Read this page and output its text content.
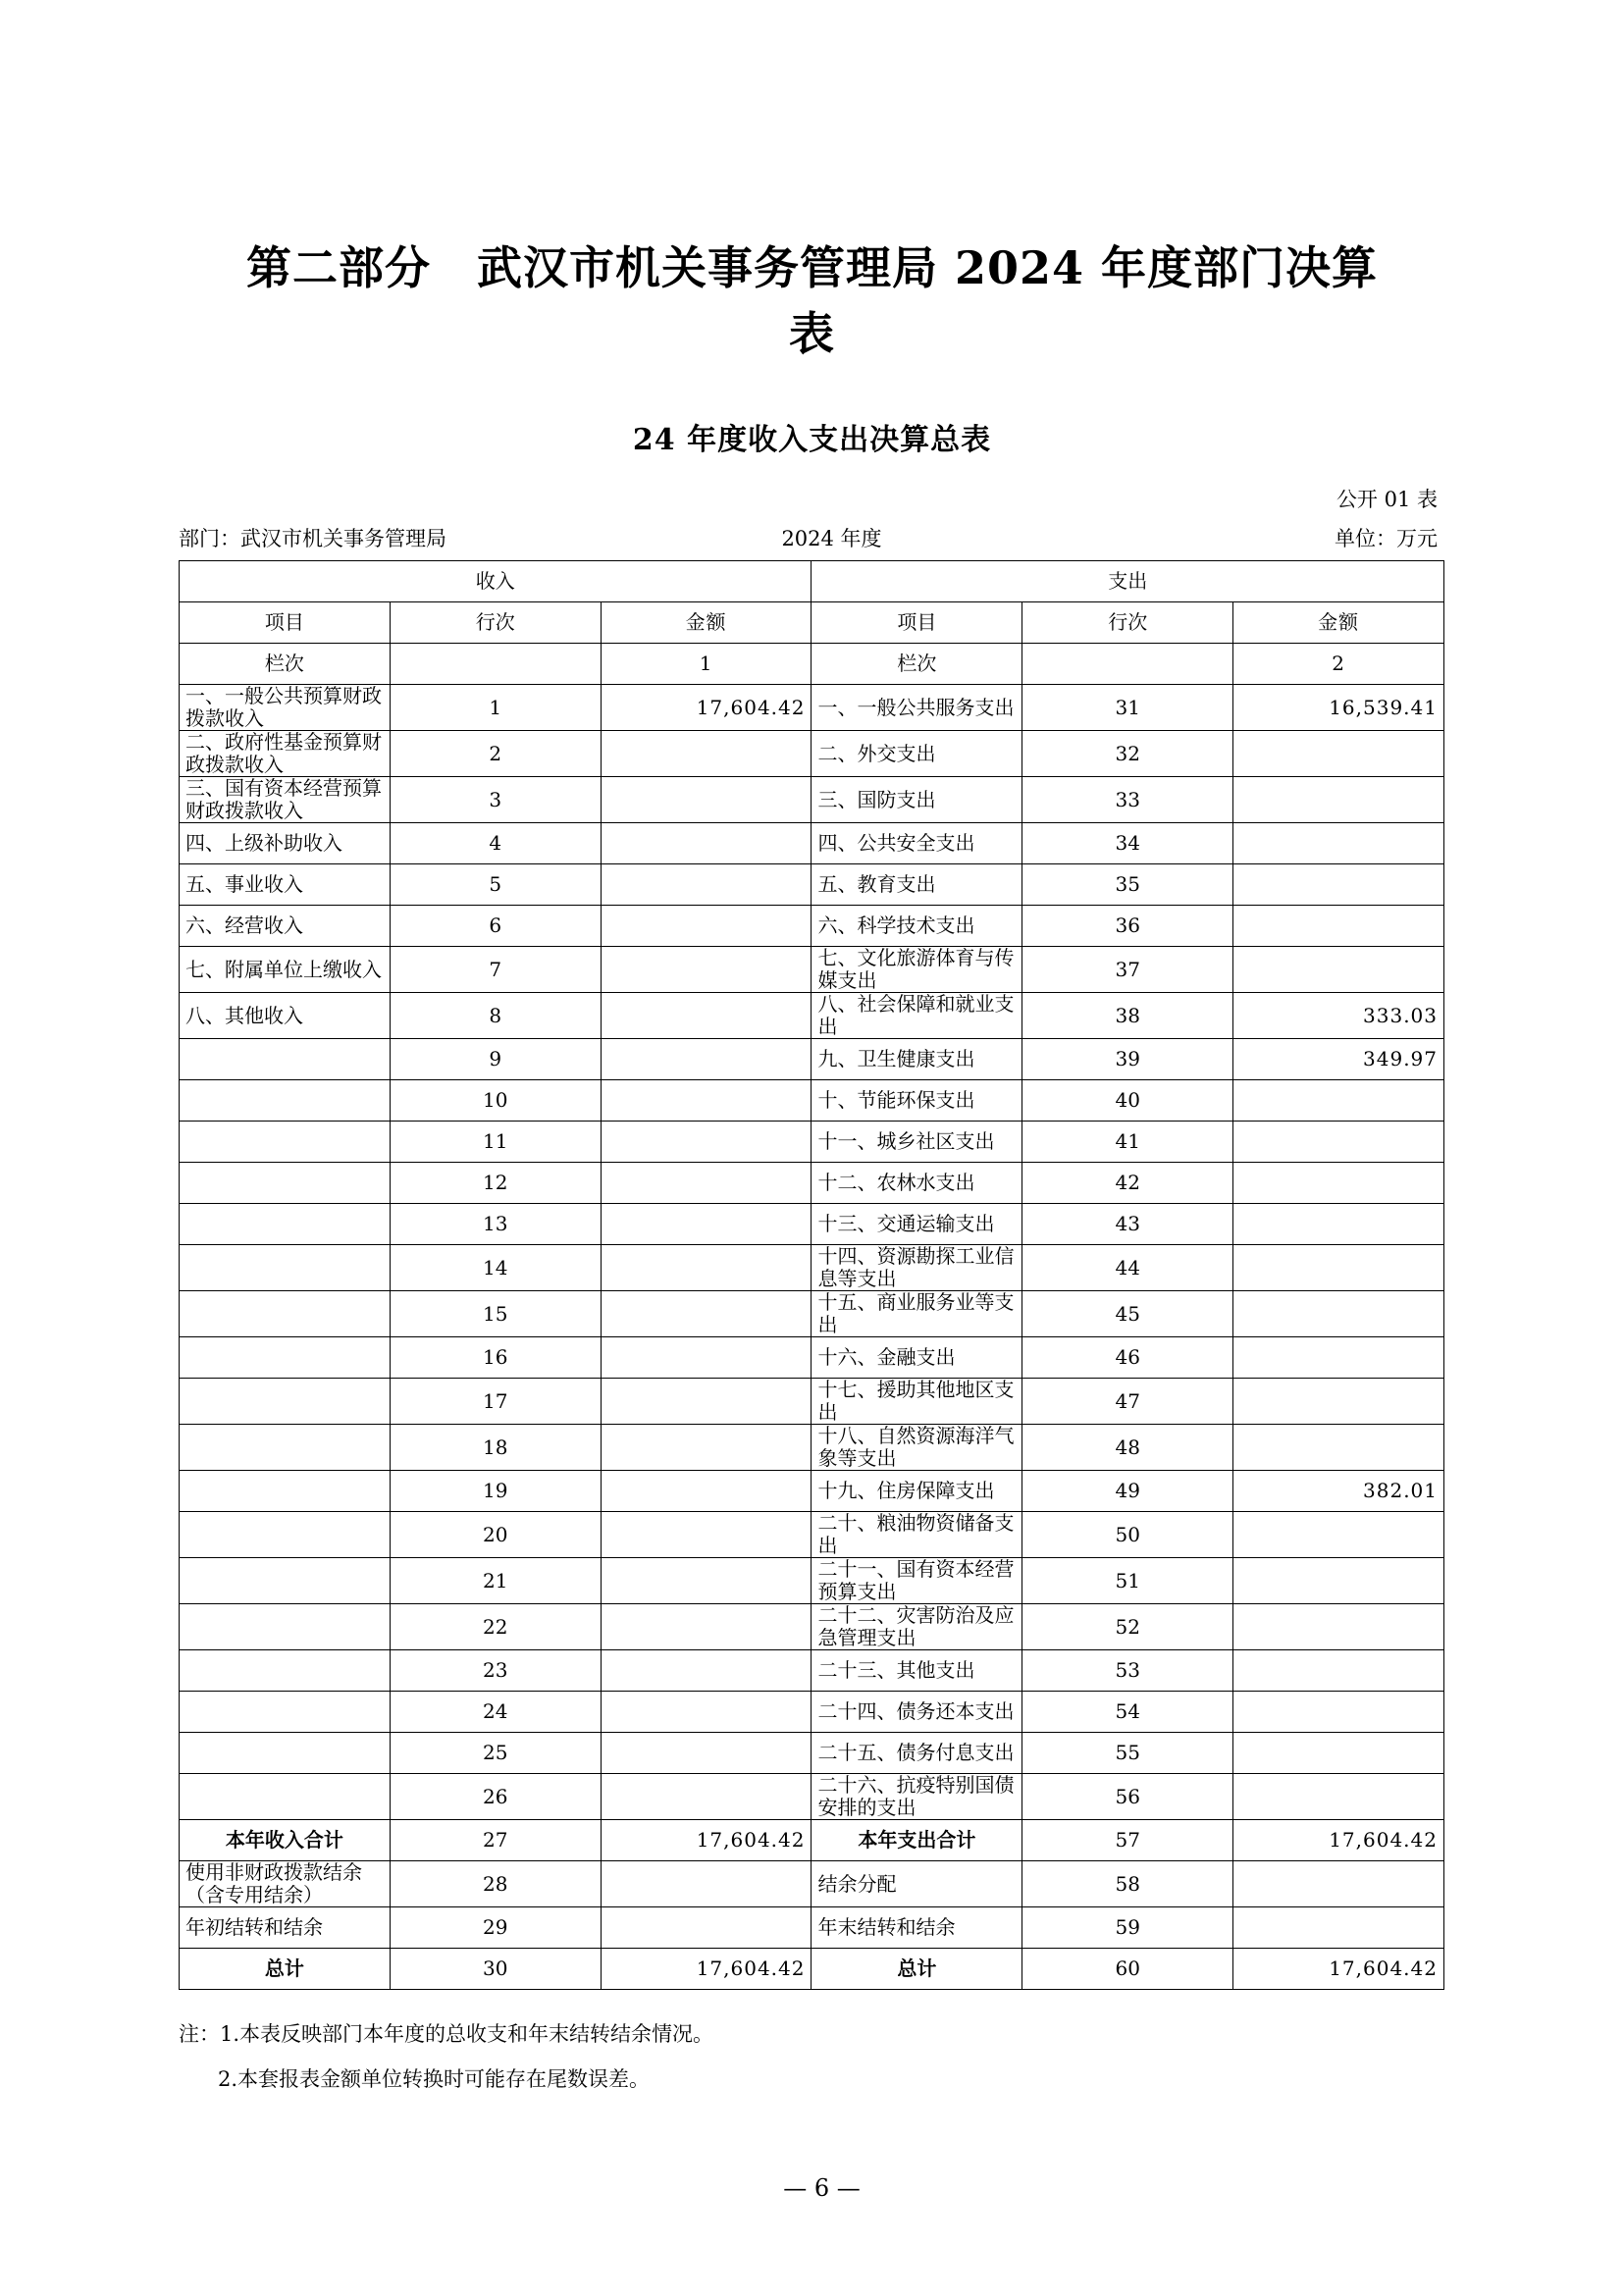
第二部分　武汉市机关事务管理局 2024 年度部门决算表
24 年度收入支出决算总表
公开 01 表
部门：武汉市机关事务管理局	2024 年度	单位：万元
收入			支出		
项目	行次	金额	项目	行次	金额
栏次		1	栏次		2
一、一般公共预算财政拨款收入	1	17,604.42	一、一般公共服务支出	31	16,539.41
二、政府性基金预算财政拨款收入	2		二、外交支出	32	
三、国有资本经营预算财政拨款收入	3		三、国防支出	33	
四、上级补助收入	4		四、公共安全支出	34	
五、事业收入	5		五、教育支出	35	
六、经营收入	6		六、科学技术支出	36	
七、附属单位上缴收入	7		七、文化旅游体育与传媒支出	37	
八、其他收入	8		八、社会保障和就业支出	38	333.03
	9		九、卫生健康支出	39	349.97
	10		十、节能环保支出	40	
	11		十一、城乡社区支出	41	
	12		十二、农林水支出	42	
	13		十三、交通运输支出	43	
	14		十四、资源勘探工业信息等支出	44	
	15		十五、商业服务业等支出	45	
	16		十六、金融支出	46	
	17		十七、援助其他地区支出	47	
	18		十八、自然资源海洋气象等支出	48	
	19		十九、住房保障支出	49	382.01
	20		二十、粮油物资储备支出	50	
	21		二十一、国有资本经营预算支出	51	
	22		二十二、灾害防治及应急管理支出	52	
	23		二十三、其他支出	53	
	24		二十四、债务还本支出	54	
	25		二十五、债务付息支出	55	
	26		二十六、抗疫特别国债安排的支出	56	
本年收入合计	27	17,604.42	本年支出合计	57	17,604.42
使用非财政拨款结余（含专用结余）	28		结余分配	58	
年初结转和结余	29		年末结转和结余	59	
总计	30	17,604.42	总计	60	17,604.42

注：1.本表反映部门本年度的总收支和年末结转结余情况。

2.本套报表金额单位转换时可能存在尾数误差。

— 6 —
